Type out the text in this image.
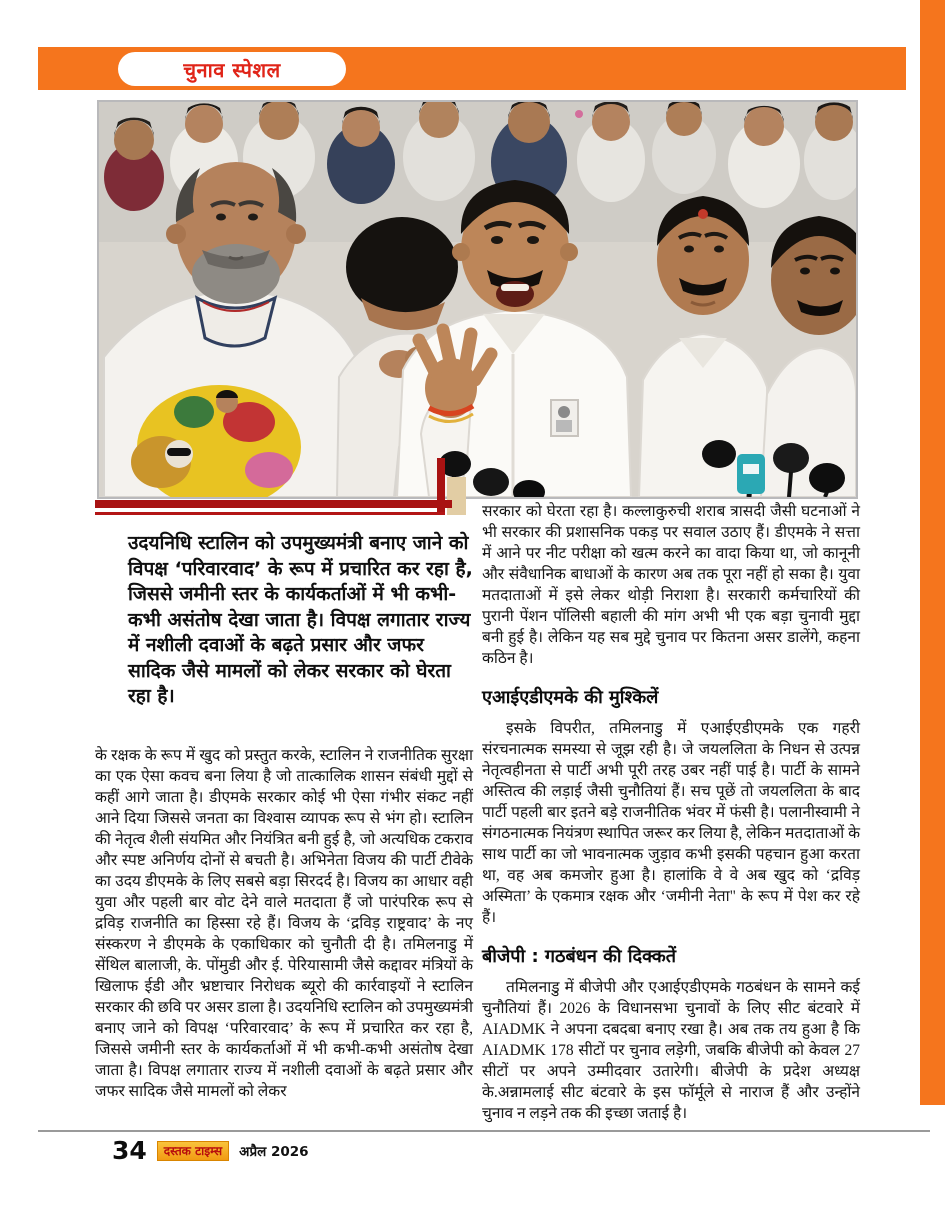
चुनाव स्पेशल
उदयनिधि स्टालिन को उपमुख्यमंत्री बनाए जाने को विपक्ष ‘परिवारवाद’ के रूप में प्रचारित कर रहा है, जिससे जमीनी स्तर के कार्यकर्ताओं में भी कभी-कभी असंतोष देखा जाता है। विपक्ष लगातार राज्य में नशीली दवाओं के बढ़ते प्रसार और जफर सादिक जैसे मामलों को लेकर सरकार को घेरता रहा है।
के रक्षक के रूप में खुद को प्रस्तुत करके, स्टालिन ने राजनीतिक सुरक्षा का एक ऐसा कवच बना लिया है जो तात्कालिक शासन संबंधी मुद्दों से कहीं आगे जाता है। डीएमके सरकार कोई भी ऐसा गंभीर संकट नहीं आने दिया जिससे जनता का विश्वास व्यापक रूप से भंग हो। स्टालिन की नेतृत्व शैली संयमित और नियंत्रित बनी हुई है, जो अत्यधिक टकराव और स्पष्ट अनिर्णय दोनों से बचती है। अभिनेता विजय की पार्टी टीवेके का उदय डीएमके के लिए सबसे बड़ा सिरदर्द है। विजय का आधार वही युवा और पहली बार वोट देने वाले मतदाता हैं जो पारंपरिक रूप से द्रविड़ राजनीति का हिस्सा रहे हैं। विजय के ‘द्रविड़ राष्ट्रवाद’ के नए संस्करण ने डीएमके के एकाधिकार को चुनौती दी है। तमिलनाडु में सेंथिल बालाजी, के. पोंमुडी और ई. पेरियासामी जैसे कद्दावर मंत्रियों के खिलाफ ईडी और भ्रष्टाचार निरोधक ब्यूरो की कार्रवाइयों ने स्टालिन सरकार की छवि पर असर डाला है। उदयनिधि स्टालिन को उपमुख्यमंत्री बनाए जाने को विपक्ष ‘परिवारवाद’ के रूप में प्रचारित कर रहा है, जिससे जमीनी स्तर के कार्यकर्ताओं में भी कभी-कभी असंतोष देखा जाता है। विपक्ष लगातार राज्य में नशीली दवाओं के बढ़ते प्रसार और जफर सादिक जैसे मामलों को लेकर

सरकार को घेरता रहा है। कल्लाकुरुची शराब त्रासदी जैसी घटनाओं ने भी सरकार की प्रशासनिक पकड़ पर सवाल उठाए हैं। डीएमके ने सत्ता में आने पर नीट परीक्षा को खत्म करने का वादा किया था, जो कानूनी और संवैधानिक बाधाओं के कारण अब तक पूरा नहीं हो सका है। युवा मतदाताओं में इसे लेकर थोड़ी निराशा है। सरकारी कर्मचारियों की पुरानी पेंशन पॉलिसी बहाली की मांग अभी भी एक बड़ा चुनावी मुद्दा बनी हुई है। लेकिन यह सब मुद्दे चुनाव पर कितना असर डालेंगे, कहना कठिन है।

एआईएडीएमके की मुश्किलें

इसके विपरीत, तमिलनाडु में एआईएडीएमके एक गहरी संरचनात्मक समस्या से जूझ रही है। जे जयललिता के निधन से उत्पन्न नेतृत्वहीनता से पार्टी अभी पूरी तरह उबर नहीं पाई है। पार्टी के सामने अस्तित्व की लड़ाई जैसी चुनौतियां हैं। सच पूछें तो जयललिता के बाद पार्टी पहली बार इतने बड़े राजनीतिक भंवर में फंसी है। पलानीस्वामी ने संगठनात्मक नियंत्रण स्थापित जरूर कर लिया है, लेकिन मतदाताओं के साथ पार्टी का जो भावनात्मक जुड़ाव कभी इसकी पहचान हुआ करता था, वह अब कमजोर हुआ है। हालांकि वे वे अब खुद को ‘द्रविड़ अस्मिता’ के एकमात्र रक्षक और ‘जमीनी नेता" के रूप में पेश कर रहे हैं।

बीजेपी : गठबंधन की दिक्कतें

तमिलनाडु में बीजेपी और एआईएडीएमके गठबंधन के सामने कई चुनौतियां हैं। 2026 के विधानसभा चुनावों के लिए सीट बंटवारे में AIADMK ने अपना दबदबा बनाए रखा है। अब तक तय हुआ है कि AIADMK 178 सीटों पर चुनाव लड़ेगी, जबकि बीजेपी को केवल 27 सीटों पर अपने उम्मीदवार उतारेगी। बीजेपी के प्रदेश अध्यक्ष के.अन्नामलाई सीट बंटवारे के इस फॉर्मूले से नाराज हैं और उन्होंने चुनाव न लड़ने तक की इच्छा जताई है।

34	दस्तक टाइम्स	अप्रैल 2026
